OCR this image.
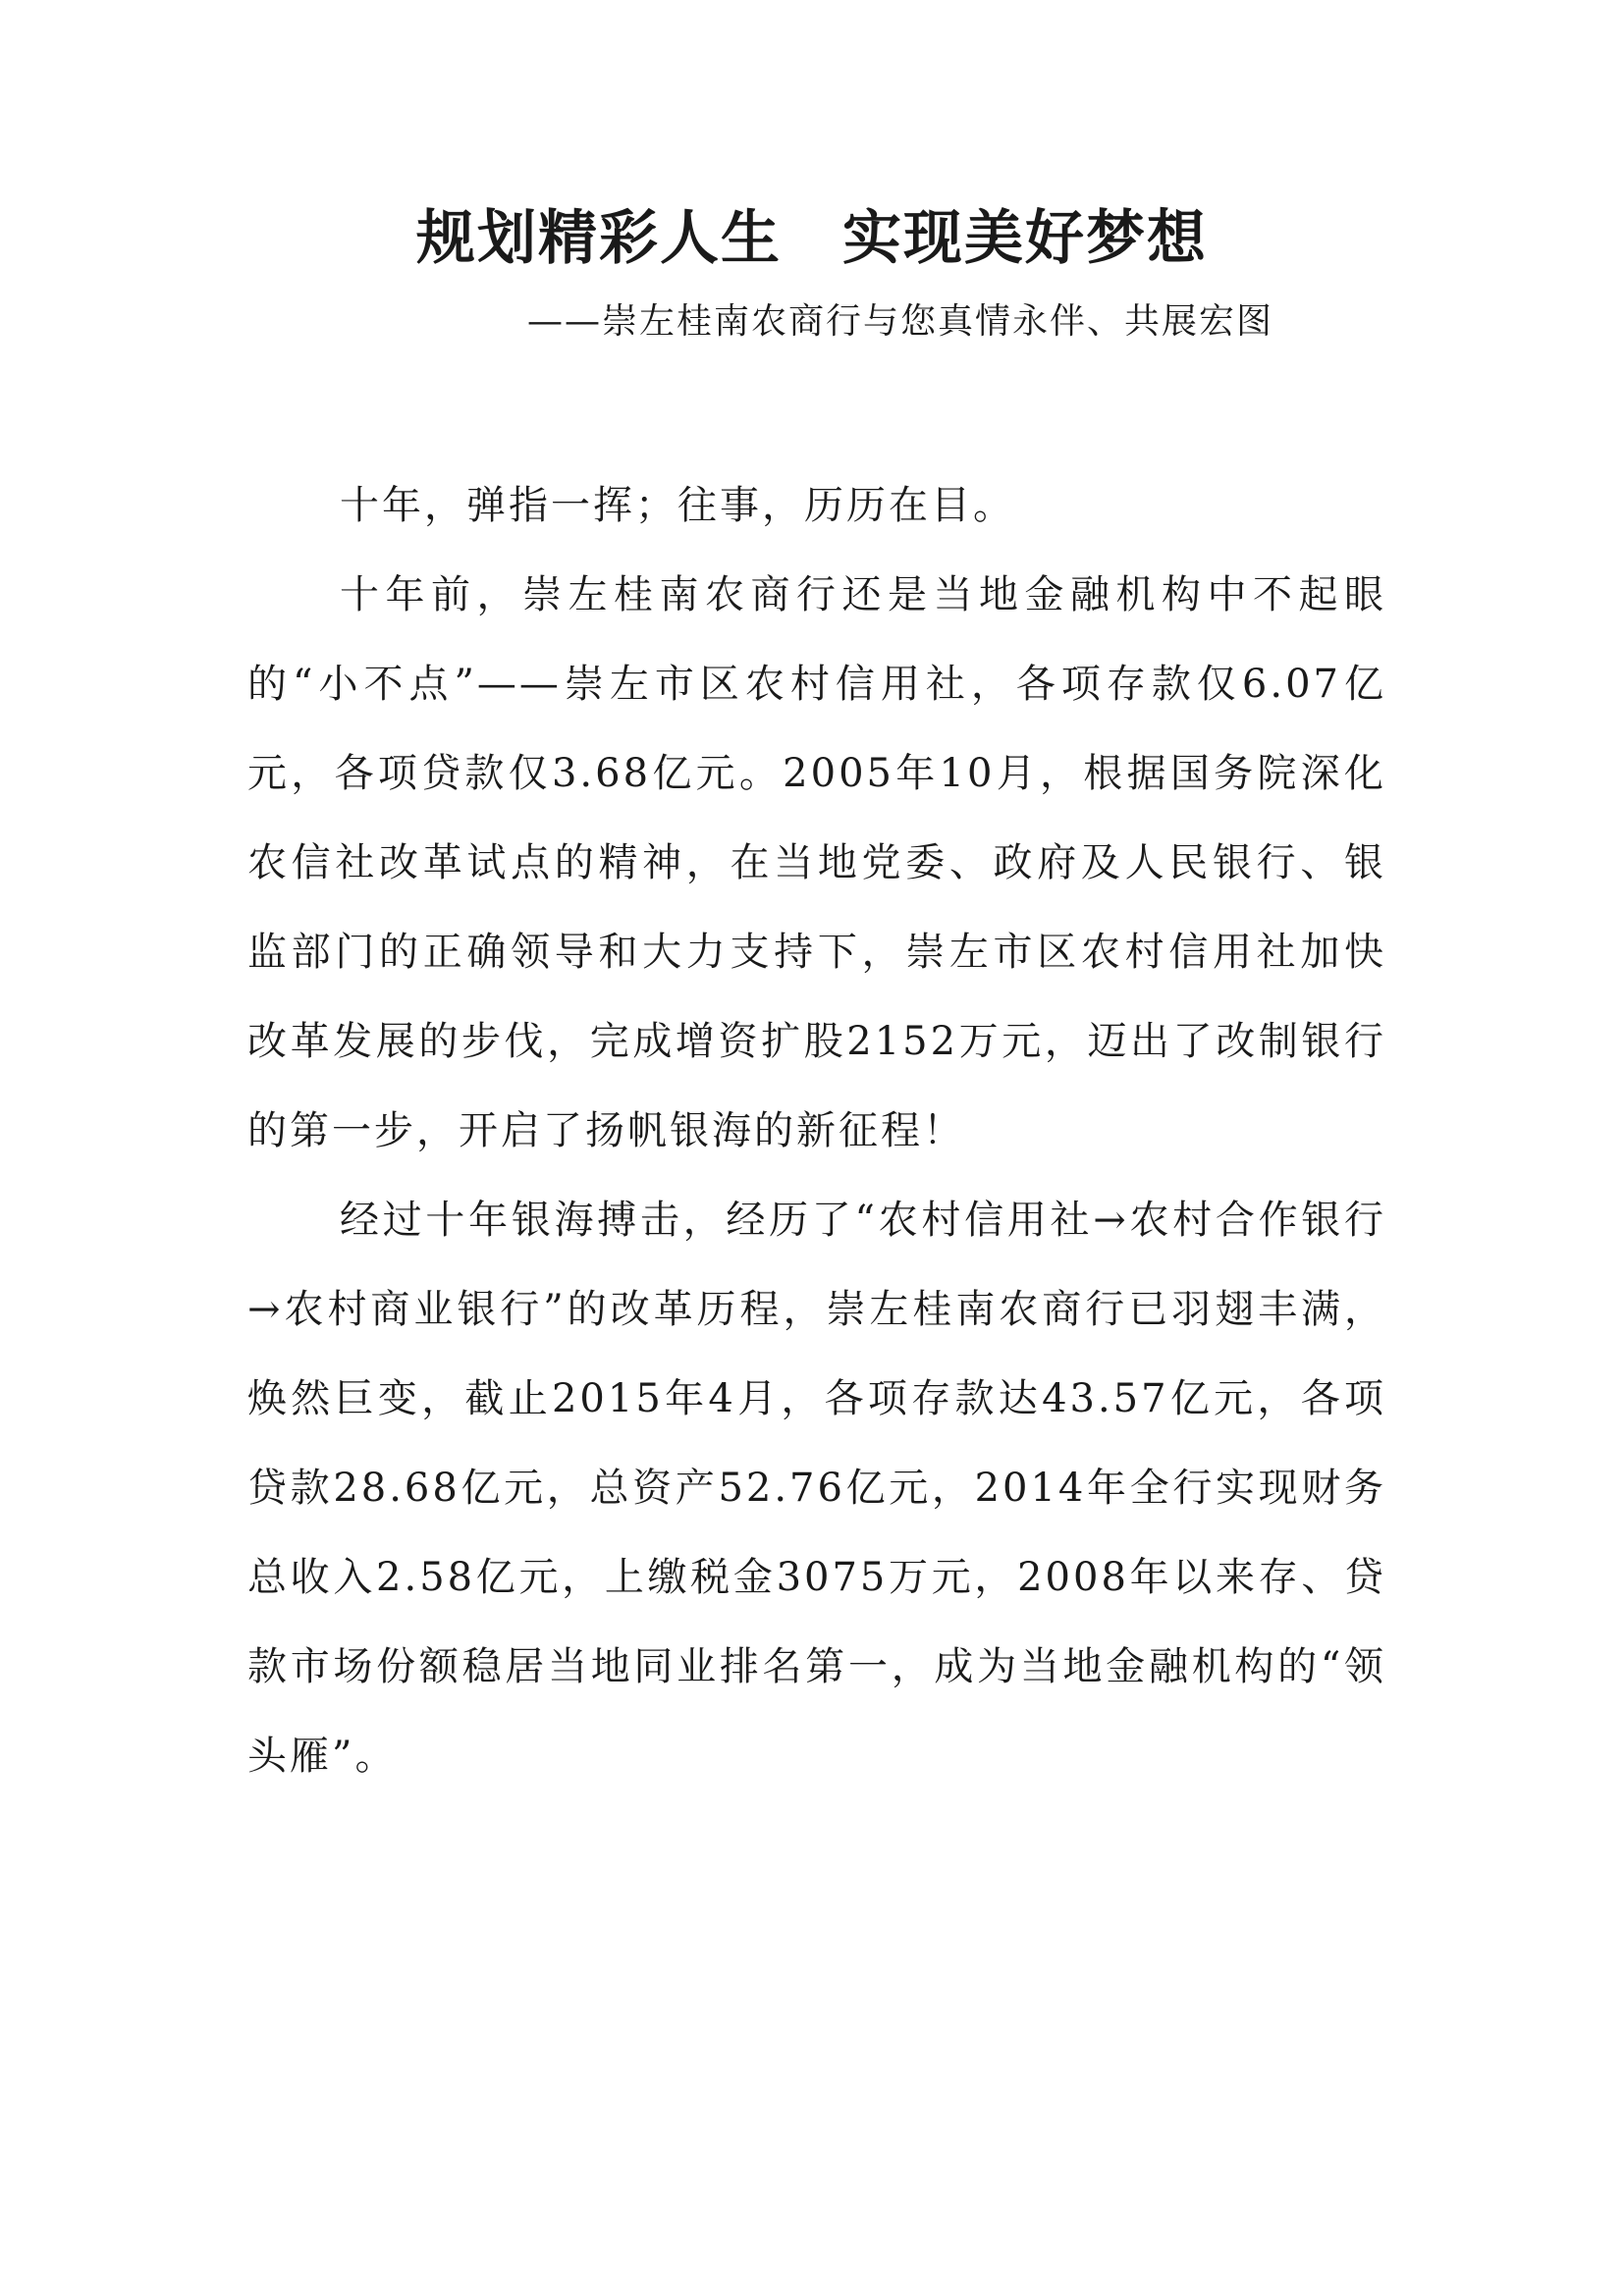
规划精彩人生　实现美好梦想
——崇左桂南农商行与您真情永伴、共展宏图

十年，弹指一挥；往事，历历在目。

十年前，崇左桂南农商行还是当地金融机构中不起眼的“小不点”——崇左市区农村信用社，各项存款仅6.07亿元，各项贷款仅3.68亿元。2005年10月，根据国务院深化农信社改革试点的精神，在当地党委、政府及人民银行、银监部门的正确领导和大力支持下，崇左市区农村信用社加快改革发展的步伐，完成增资扩股2152万元，迈出了改制银行的第一步，开启了扬帆银海的新征程！

经过十年银海搏击，经历了“农村信用社→农村合作银行→农村商业银行”的改革历程，崇左桂南农商行已羽翅丰满，焕然巨变，截止2015年4月，各项存款达43.57亿元，各项贷款28.68亿元，总资产52.76亿元，2014年全行实现财务总收入2.58亿元，上缴税金3075万元，2008年以来存、贷款市场份额稳居当地同业排名第一，成为当地金融机构的“领头雁”。
